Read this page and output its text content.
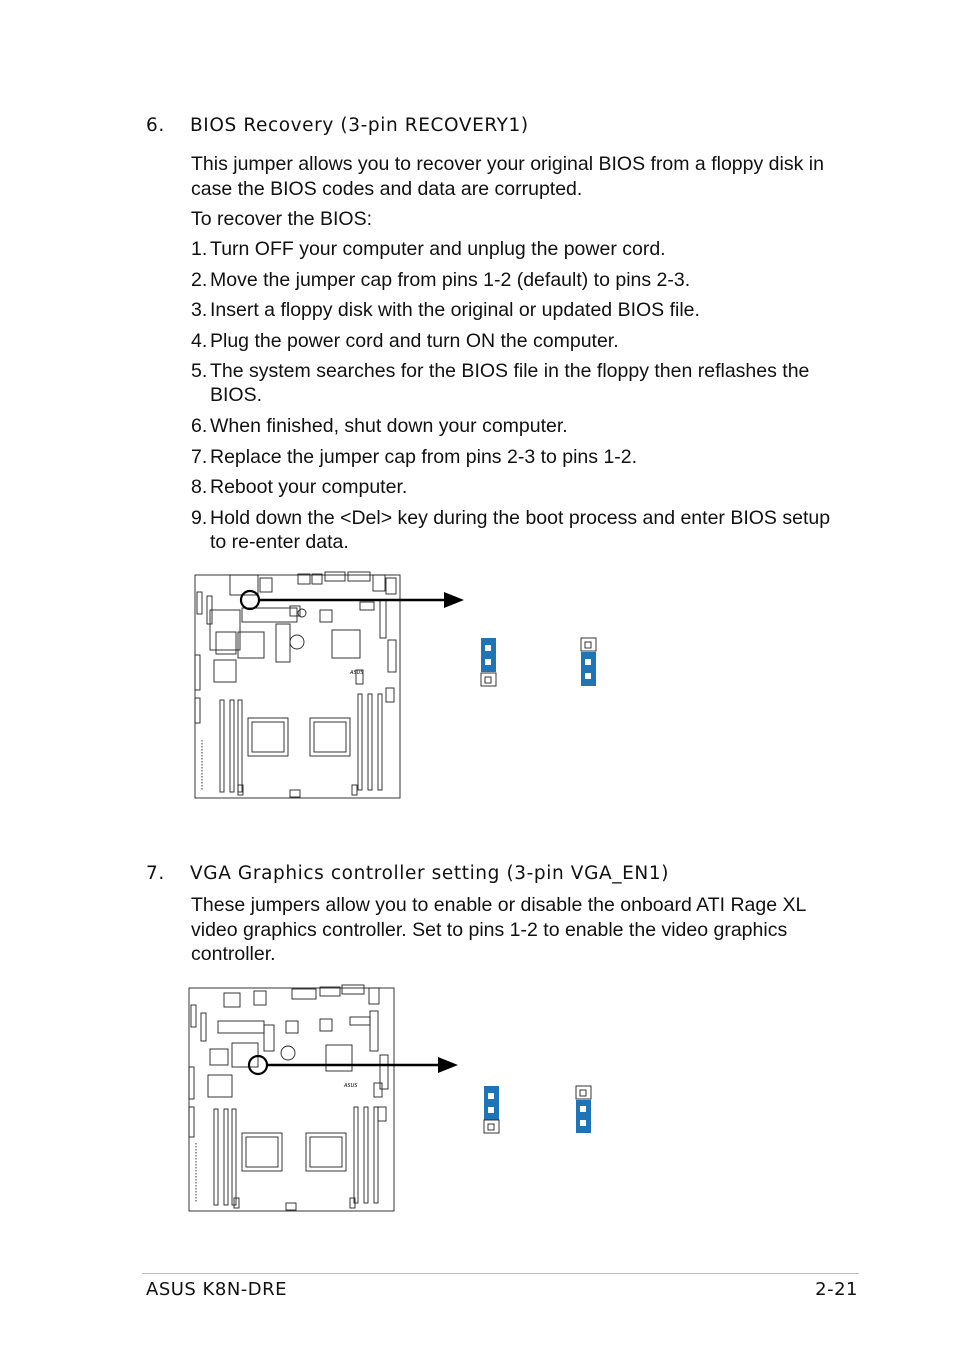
6. BIOS Recovery (3-pin RECOVERY1)

This jumper allows you to recover your original BIOS from a floppy disk in case the BIOS codes and data are corrupted.

To recover the BIOS:

1. Turn OFF your computer and unplug the power cord.
2. Move the jumper cap from pins 1-2 (default) to pins 2-3.
3. Insert a floppy disk with the original or updated BIOS file.
4. Plug the power cord and turn ON the computer.
5. The system searches for the BIOS file in the floppy then reflashes the BIOS.
6. When finished, shut down your computer.
7. Replace the jumper cap from pins 2-3 to pins 1-2.
8. Reboot your computer.
9. Hold down the <Del> key during the boot process and enter BIOS setup to re-enter data.
ASUS
7. VGA Graphics controller setting (3-pin VGA_EN1)

These jumpers allow you to enable or disable the onboard ATI Rage XL video graphics controller. Set to pins 1-2 to enable the video graphics controller.

ASUS
ASUS K8N-DRE	2-21
